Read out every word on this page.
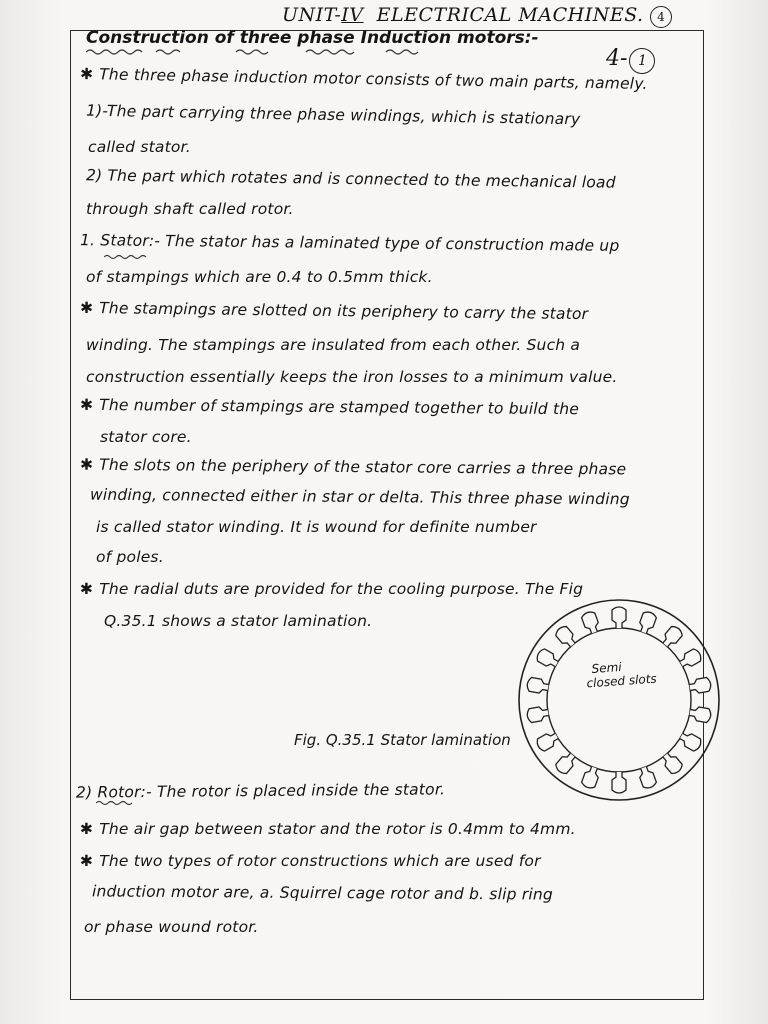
UNIT-IV ELECTRICAL MACHINES.	4
4- 1
Construction of three phase Induction motors:-
✱ The three phase induction motor consists of two main parts, namely.
1)-The part carrying three phase windings, which is stationary
called stator.
2) The part which rotates and is connected to the mechanical load
through shaft called rotor.
1. Stator:- The stator has a laminated type of construction made up
of stampings which are 0.4 to 0.5mm thick.
✱ The stampings are slotted on its periphery to carry the stator
winding. The stampings are insulated from each other. Such a
construction essentially keeps the iron losses to a minimum value.
✱ The number of stampings are stamped together to build the
stator core.
✱ The slots on the periphery of the stator core carries a three phase
winding, connected either in star or delta. This three phase winding
is called stator winding. It is wound for definite number
of poles.
✱ The radial duts are provided for the cooling purpose. The Fig
Q.35.1 shows a stator lamination.
Fig. Q.35.1 Stator lamination
Semi
closed slots
2) Rotor:- The rotor is placed inside the stator.
✱ The air gap between stator and the rotor is 0.4mm to 4mm.
✱ The two types of rotor constructions which are used for
induction motor are, a. Squirrel cage rotor and b. slip ring
or phase wound rotor.
